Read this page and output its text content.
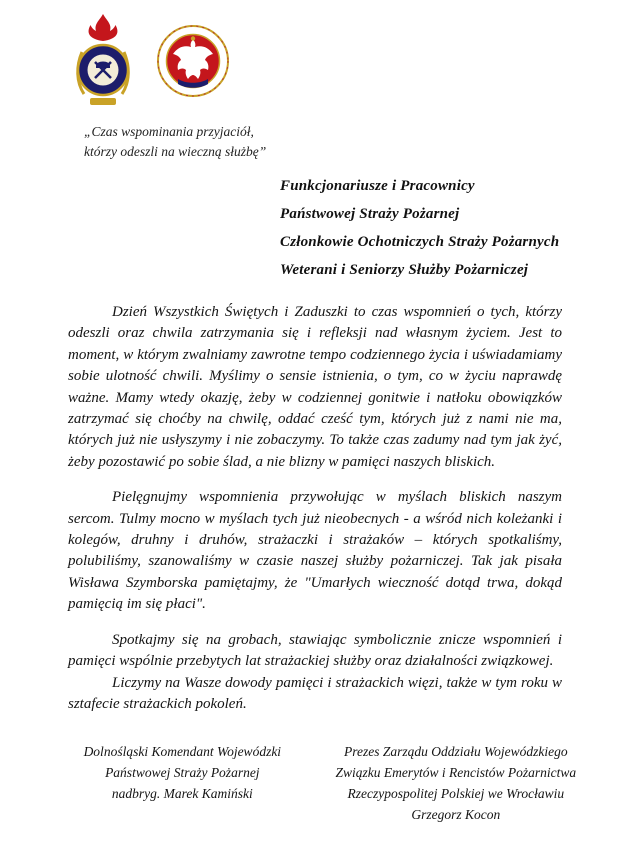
„Czas wspominania przyjaciół,
którzy odeszli na wieczną służbę”
Funkcjonariusze i Pracownicy
Państwowej Straży Pożarnej
Członkowie Ochotniczych Straży Pożarnych
Weterani i Seniorzy Służby Pożarniczej

Dzień Wszystkich Świętych i Zaduszki to czas wspomnień o tych, którzy odeszli oraz chwila zatrzymania się i refleksji nad własnym życiem. Jest to moment, w którym zwalniamy zawrotne tempo codziennego życia i uświadamiamy sobie ulotność chwili. Myślimy o sensie istnienia, o tym, co w życiu naprawdę ważne. Mamy wtedy okazję, żeby w codziennej gonitwie i natłoku obowiązków zatrzymać się choćby na chwilę, oddać cześć tym, których już z nami nie ma, których już nie usłyszymy i nie zobaczymy. To także czas zadumy nad tym jak żyć, żeby pozostawić po sobie ślad, a nie blizny w pamięci naszych bliskich.

Pielęgnujmy wspomnienia przywołując w myślach bliskich naszym sercom. Tulmy mocno w myślach tych już nieobecnych - a wśród nich koleżanki i kolegów, druhny i druhów, strażaczki i strażaków – których spotkaliśmy, polubiliśmy, szanowaliśmy w czasie naszej służby pożarniczej. Tak jak pisała Wisława Szymborska pamiętajmy, że "Umarłych wieczność dotąd trwa, dokąd pamięcią im się płaci".

Spotkajmy się na grobach, stawiając symbolicznie znicze wspomnień i pamięci wspólnie przebytych lat strażackiej służby oraz działalności związkowej.

Liczymy na Wasze dowody pamięci i strażackich więzi, także w tym roku w sztafecie strażackich pokoleń.

Dolnośląski Komendant Wojewódzki
Państwowej Straży Pożarnej
nadbryg. Marek Kamiński
Prezes Zarządu Oddziału Wojewódzkiego
Związku Emerytów i Rencistów Pożarnictwa
Rzeczypospolitej Polskiej we Wrocławiu
Grzegorz Kocon
